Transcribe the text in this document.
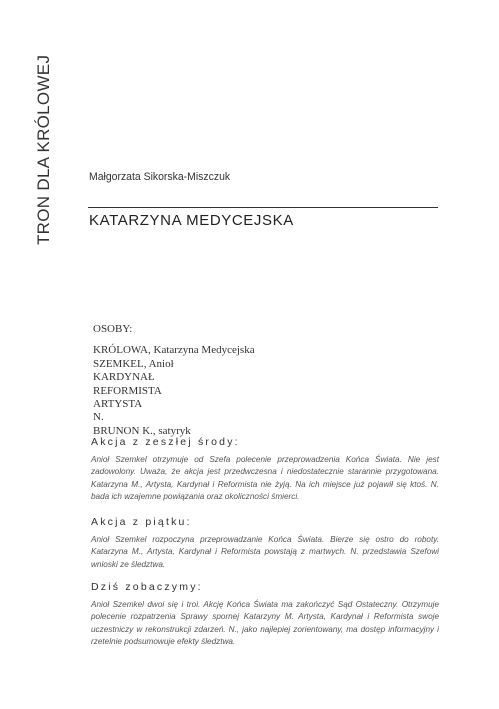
TRON DLA KRÓLOWEJ	Małgorzata Sikorska-Miszczuk
KATARZYNA MEDYCEJSKA
OSOBY:
KRÓLOWA, Katarzyna Medycejska
SZEMKEL, Anioł
KARDYNAŁ
REFORMISTA
ARTYSTA
N.
BRUNON K., satyryk

Akcja z zeszłej środy:

Anioł Szemkel otrzymuje od Szefa polecenie przeprowadzenia Końca Świata. Nie jest zadowolony. Uważa, że akcja jest przedwczesna i niedostatecznie starannie przygotowana. Katarzyna M., Artysta, Kardynał i Reformista nie żyją. Na ich miejsce już pojawił się ktoś. N. bada ich wzajemne powiązania oraz okoliczności śmierci.

Akcja z piątku:

Anioł Szemkel rozpoczyna przeprowadzanie Końca Świata. Bierze się ostro do roboty. Katarzyna M., Artysta, Kardynał i Reformista powstają z martwych. N. przedstawia Szefowi wnioski ze śledztwa.

Dziś zobaczymy:

Anioł Szemkel dwoi się i troi. Akcję Końca Świata ma zakończyć Sąd Ostateczny. Otrzymuje polecenie rozpatrzenia Sprawy spornej Katarzyny M. Artysta, Kardynał i Reformista swoje uczestniczy w rekonstrukcji zdarzeń. N., jako najlepiej zorientowany, ma dostęp informacyjny i rzetelnie podsumowuje efekty śledztwa.
